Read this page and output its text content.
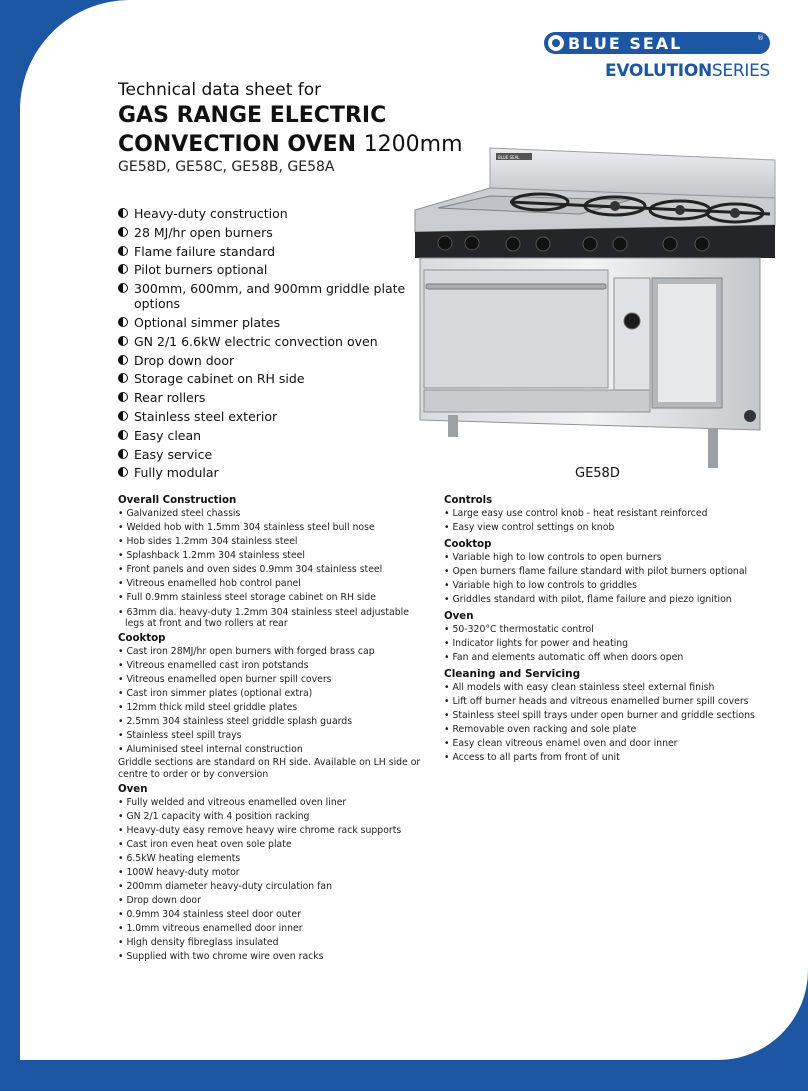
BLUE SEAL	®
EVOLUTIONSERIES
Technical data sheet for
GAS RANGE ELECTRIC
CONVECTION OVEN 1200mm
GE58D, GE58C, GE58B, GE58A
Heavy-duty construction
28 MJ/hr open burners
Flame failure standard
Pilot burners optional
300mm, 600mm, and 900mm griddle plate options
Optional simmer plates
GN 2/1 6.6kW electric convection oven
Drop down door
Storage cabinet on RH side
Rear rollers
Stainless steel exterior
Easy clean
Easy service
Fully modular
BLUE SEAL
GE58D
Overall Construction
• Galvanized steel chassis
• Welded hob with 1.5mm 304 stainless steel bull nose
• Hob sides 1.2mm 304 stainless steel
• Splashback 1.2mm 304 stainless steel
• Front panels and oven sides 0.9mm 304 stainless steel
• Vitreous enamelled hob control panel
• Full 0.9mm stainless steel storage cabinet on RH side
• 63mm dia. heavy-duty 1.2mm 304 stainless steel adjustable legs at front and two rollers at rear
Cooktop
• Cast iron 28MJ/hr open burners with forged brass cap
• Vitreous enamelled cast iron potstands
• Vitreous enamelled open burner spill covers
• Cast iron simmer plates (optional extra)
• 12mm thick mild steel griddle plates
• 2.5mm 304 stainless steel griddle splash guards
• Stainless steel spill trays
• Aluminised steel internal construction
Griddle sections are standard on RH side. Available on LH side or centre to order or by conversion
Oven
• Fully welded and vitreous enamelled oven liner
• GN 2/1 capacity with 4 position racking
• Heavy-duty easy remove heavy wire chrome rack supports
• Cast iron even heat oven sole plate
• 6.5kW heating elements
• 100W heavy-duty motor
• 200mm diameter heavy-duty circulation fan
• Drop down door
• 0.9mm 304 stainless steel door outer
• 1.0mm vitreous enamelled door inner
• High density fibreglass insulated
• Supplied with two chrome wire oven racks
Controls
• Large easy use control knob - heat resistant reinforced
• Easy view control settings on knob
Cooktop
• Variable high to low controls to open burners
• Open burners flame failure standard with pilot burners optional
• Variable high to low controls to griddles
• Griddles standard with pilot, flame failure and piezo ignition
Oven
• 50-320°C thermostatic control
• Indicator lights for power and heating
• Fan and elements automatic off when doors open
Cleaning and Servicing
• All models with easy clean stainless steel external finish
• Lift off burner heads and vitreous enamelled burner spill covers
• Stainless steel spill trays under open burner and griddle sections
• Removable oven racking and sole plate
• Easy clean vitreous enamel oven and door inner
• Access to all parts from front of unit
